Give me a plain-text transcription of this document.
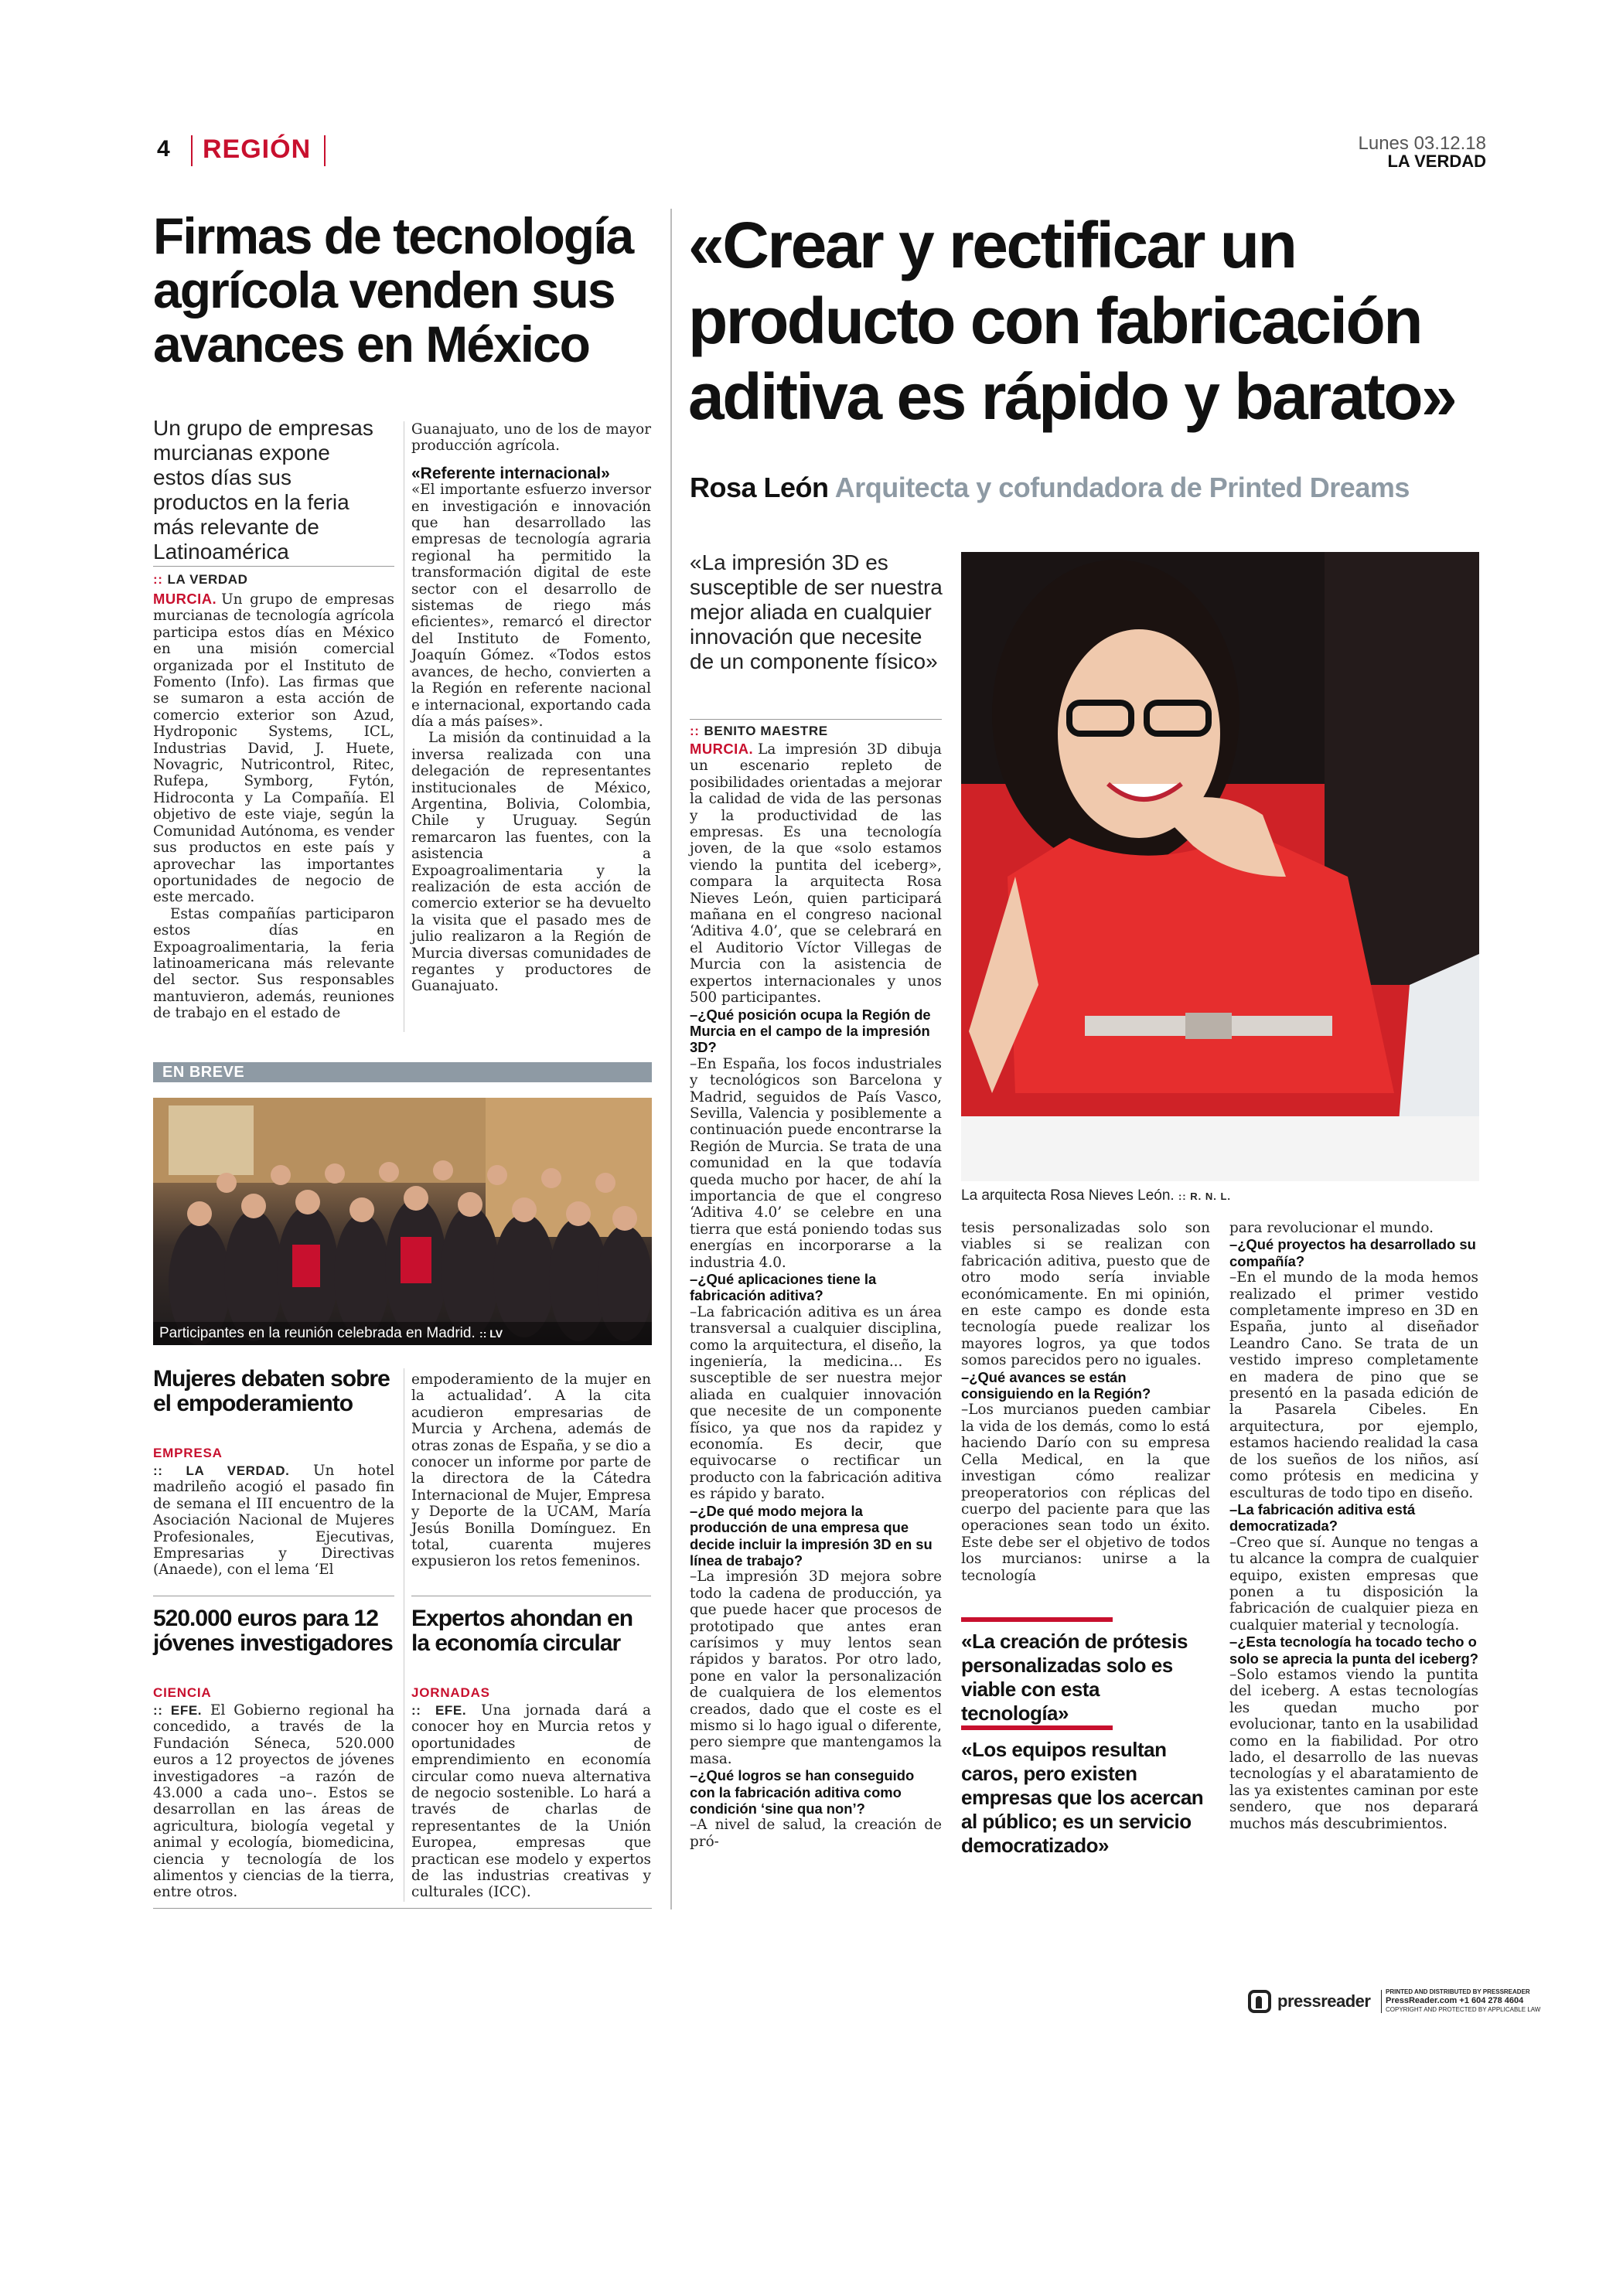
4 REGIÓN	Lunes 03.12.18
LA VERDAD
Firmas de tecnología agrícola venden sus avances en México
Un grupo de empresas murcianas expone estos días sus productos en la feria más relevante de Latinoamérica
:: LA VERDAD

MURCIA. Un grupo de empresas murcianas de tecnología agrícola participa estos días en México en una misión comercial organizada por el Instituto de Fomento (Info). Las firmas que se sumaron a esta acción de comercio exterior son Azud, Hydroponic Systems, ICL, Industrias David, J. Huete, Novagric, Nutricontrol, Ritec, Rufepa, Symborg, Fytón, Hidroconta y La Compañía. El objetivo de este viaje, según la Comunidad Autónoma, es vender sus productos en este país y aprovechar las importantes oportunidades de negocio de este mercado.

Estas compañías participaron estos días en Expoagroalimentaria, la feria latinoamericana más relevante del sector. Sus responsables mantuvieron, además, reuniones de trabajo en el estado de

Guanajuato, uno de los de mayor producción agrícola.

«Referente internacional»

«El importante esfuerzo inversor en investigación e innovación que han desarrollado las empresas de tecnología agraria regional ha permitido la transformación digital de este sector con el desarrollo de sistemas de riego más eficientes», remarcó el director del Instituto de Fomento, Joaquín Gómez. «Todos estos avances, de hecho, convierten a la Región en referente nacional e internacional, exportando cada día a más países».

La misión da continuidad a la inversa realizada con una delegación de representantes institucionales de México, Argentina, Bolivia, Colombia, Chile y Uruguay. Según remarcaron las fuentes, con la asistencia a Expoagroalimentaria y la realización de esta acción de comercio exterior se ha devuelto la visita que el pasado mes de julio realizaron a la Región de Murcia diversas comunidades de regantes y productores de Guanajuato.

EN BREVE
Participantes en la reunión celebrada en Madrid. :: LV
Mujeres debaten sobre el empoderamiento
EMPRESA

:: LA VERDAD. Un hotel madrileño acogió el pasado fin de semana el III encuentro de la Asociación Nacional de Mujeres Profesionales, Ejecutivas, Empresarias y Directivas (Anaede), con el lema ‘El

empoderamiento de la mujer en la actualidad’. A la cita acudieron empresarias de Murcia y Archena, además de otras zonas de España, y se dio a conocer un informe por parte de la directora de la Cátedra Internacional de Mujer, Empresa y Deporte de la UCAM, María Jesús Bonilla Domínguez. En total, cuarenta mujeres expusieron los retos femeninos.
520.000 euros para 12 jóvenes investigadores
CIENCIA

:: EFE. El Gobierno regional ha concedido, a través de la Fundación Séneca, 520.000 euros a 12 proyectos de jóvenes investigadores –a razón de 43.000 a cada uno–. Estos se desarrollan en las áreas de agricultura, biología vegetal y animal y ecología, biomedicina, ciencia y tecnología de los alimentos y ciencias de la tierra, entre otros.

Expertos ahondan en la economía circular
JORNADAS

:: EFE. Una jornada dará a conocer hoy en Murcia retos y oportunidades de emprendimiento en economía circular como nueva alternativa de negocio sostenible. Lo hará a través de charlas de representantes de la Unión Europea, empresas que practican ese modelo y expertos de las industrias creativas y culturales (ICC).

«Crear y rectificar un producto con fabricación aditiva es rápido y barato»
Rosa León Arquitecta y cofundadora de Printed Dreams
«La impresión 3D es susceptible de ser nuestra mejor aliada en cualquier innovación que necesite de un componente físico»
:: BENITO MAESTRE
La arquitecta Rosa Nieves León. :: R. N. L.

MURCIA. La impresión 3D dibuja un escenario repleto de posibilidades orientadas a mejorar la calidad de vida de las personas y la productividad de las empresas. Es una tecnología joven, de la que «solo estamos viendo la puntita del iceberg», compara la arquitecta Rosa Nieves León, quien participará mañana en el congreso nacional ‘Aditiva 4.0’, que se celebrará en el Auditorio Víctor Villegas de Murcia con la asistencia de expertos internacionales y unos 500 participantes.

–¿Qué posición ocupa la Región de Murcia en el campo de la impresión 3D?
–En España, los focos industriales y tecnológicos son Barcelona y Madrid, seguidos de País Vasco, Sevilla, Valencia y posiblemente a continuación puede encontrarse la Región de Murcia. Se trata de una comunidad en la que todavía queda mucho por hacer, de ahí la importancia de que el congreso ‘Aditiva 4.0’ se celebre en una tierra que está poniendo todas sus energías en incorporarse a la industria 4.0.
–¿Qué aplicaciones tiene la fabricación aditiva?
–La fabricación aditiva es un área transversal a cualquier disciplina, como la arquitectura, el diseño, la ingeniería, la medicina... Es susceptible de ser nuestra mejor aliada en cualquier innovación que necesite de un componente físico, ya que nos da rapidez y economía. Es decir, que equivocarse o rectificar un producto con la fabricación aditiva es rápido y barato.
–¿De qué modo mejora la producción de una empresa que decide incluir la impresión 3D en su línea de trabajo?
–La impresión 3D mejora sobre todo la cadena de producción, ya que puede hacer que procesos de prototipado que antes eran carísimos y muy lentos sean rápidos y baratos. Por otro lado, pone en valor la personalización de cualquiera de los elementos creados, dado que el coste es el mismo si lo hago igual o diferente, pero siempre que mantengamos la masa.
–¿Qué logros se han conseguido con la fabricación aditiva como condición ‘sine qua non’?
–A nivel de salud, la creación de pró-
tesis personalizadas solo son viables si se realizan con fabricación aditiva, puesto que de otro modo sería inviable económicamente. En mi opinión, en este campo es donde esta tecnología puede realizar los mayores logros, ya que todos somos parecidos pero no iguales.
–¿Qué avances se están consiguiendo en la Región?
–Los murcianos pueden cambiar la vida de los demás, como lo está haciendo Darío con su empresa Cella Medical, en la que investigan cómo realizar preoperatorios con réplicas del cuerpo del paciente para que las operaciones sean todo un éxito. Este debe ser el objetivo de todos los murcianos: unirse a la tecnología
«La creación de prótesis personalizadas solo es viable con esta tecnología»
«Los equipos resultan caros, pero existen empresas que los acercan al público; es un servicio democratizado»
para revolucionar el mundo.
–¿Qué proyectos ha desarrollado su compañía?
–En el mundo de la moda hemos realizado el primer vestido completamente impreso en 3D en España, junto al diseñador Leandro Cano. Se trata de un vestido impreso completamente en madera de pino que se presentó en la pasada edición de la Pasarela Cibeles. En arquitectura, por ejemplo, estamos haciendo realidad la casa de los sueños de los niños, así como prótesis en medicina y esculturas de todo tipo en diseño.
–La fabricación aditiva está democratizada?
–Creo que sí. Aunque no tengas a tu alcance la compra de cualquier equipo, existen empresas que ponen a tu disposición la fabricación de cualquier pieza en cualquier material y tecnología.
–¿Esta tecnología ha tocado techo o solo se aprecia la punta del iceberg?
–Solo estamos viendo la puntita del iceberg. A estas tecnologías les quedan mucho por evolucionar, tanto en la usabilidad como en la fiabilidad. Por otro lado, el desarrollo de las nuevas tecnologías y el abaratamiento de las ya existentes caminan por este sendero, que nos deparará muchos más descubrimientos.
pressreader PRINTED AND DISTRIBUTED BY PRESSREADER
PressReader.com +1 604 278 4604
COPYRIGHT AND PROTECTED BY APPLICABLE LAW
